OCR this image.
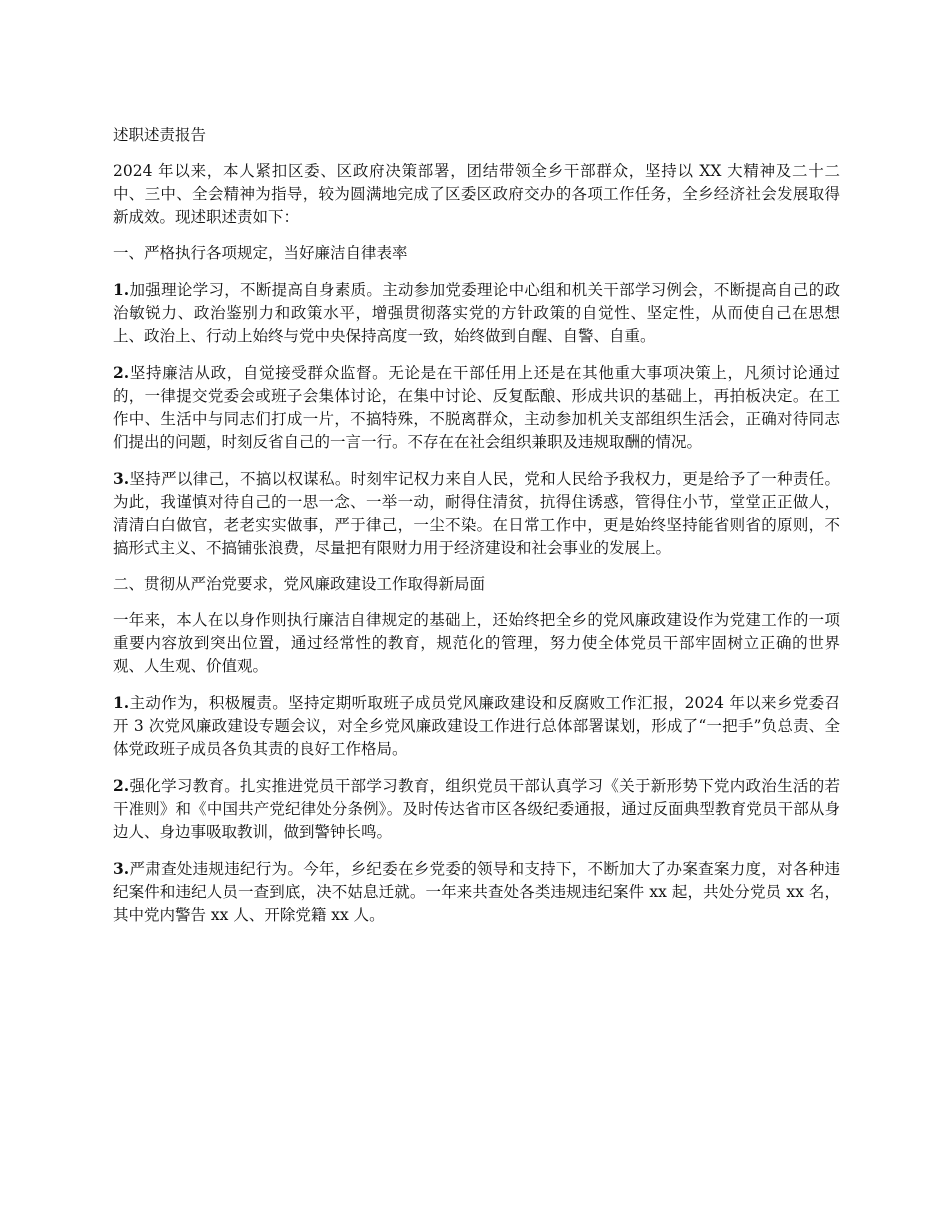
述职述责报告

2024 年以来，本人紧扣区委、区政府决策部署，团结带领全乡干部群众，坚持以 XX 大精神及二十二中、三中、全会精神为指导，较为圆满地完成了区委区政府交办的各项工作任务，全乡经济社会发展取得新成效。现述职述责如下：

一、严格执行各项规定，当好廉洁自律表率

1.加强理论学习，不断提高自身素质。主动参加党委理论中心组和机关干部学习例会，不断提高自己的政治敏锐力、政治鉴别力和政策水平，增强贯彻落实党的方针政策的自觉性、坚定性，从而使自己在思想上、政治上、行动上始终与党中央保持高度一致，始终做到自醒、自警、自重。

2.坚持廉洁从政，自觉接受群众监督。无论是在干部任用上还是在其他重大事项决策上，凡须讨论通过的，一律提交党委会或班子会集体讨论，在集中讨论、反复酝酿、形成共识的基础上，再拍板决定。在工作中、生活中与同志们打成一片，不搞特殊，不脱离群众，主动参加机关支部组织生活会，正确对待同志们提出的问题，时刻反省自己的一言一行。不存在在社会组织兼职及违规取酬的情况。

3.坚持严以律己，不搞以权谋私。时刻牢记权力来自人民，党和人民给予我权力，更是给予了一种责任。为此，我谨慎对待自己的一思一念、一举一动，耐得住清贫，抗得住诱惑，管得住小节，堂堂正正做人，清清白白做官，老老实实做事，严于律己，一尘不染。在日常工作中，更是始终坚持能省则省的原则，不搞形式主义、不搞铺张浪费，尽量把有限财力用于经济建设和社会事业的发展上。

二、贯彻从严治党要求，党风廉政建设工作取得新局面

一年来，本人在以身作则执行廉洁自律规定的基础上，还始终把全乡的党风廉政建设作为党建工作的一项重要内容放到突出位置，通过经常性的教育，规范化的管理，努力使全体党员干部牢固树立正确的世界观、人生观、价值观。

1.主动作为，积极履责。坚持定期听取班子成员党风廉政建设和反腐败工作汇报，2024 年以来乡党委召开 3 次党风廉政建设专题会议，对全乡党风廉政建设工作进行总体部署谋划，形成了“一把手”负总责、全体党政班子成员各负其责的良好工作格局。

2.强化学习教育。扎实推进党员干部学习教育，组织党员干部认真学习《关于新形势下党内政治生活的若干准则》和《中国共产党纪律处分条例》。及时传达省市区各级纪委通报，通过反面典型教育党员干部从身边人、身边事吸取教训，做到警钟长鸣。

3.严肃查处违规违纪行为。今年，乡纪委在乡党委的领导和支持下，不断加大了办案查案力度，对各种违纪案件和违纪人员一查到底，决不姑息迁就。一年来共查处各类违规违纪案件 xx 起，共处分党员 xx 名，其中党内警告 xx 人、开除党籍 xx 人。
